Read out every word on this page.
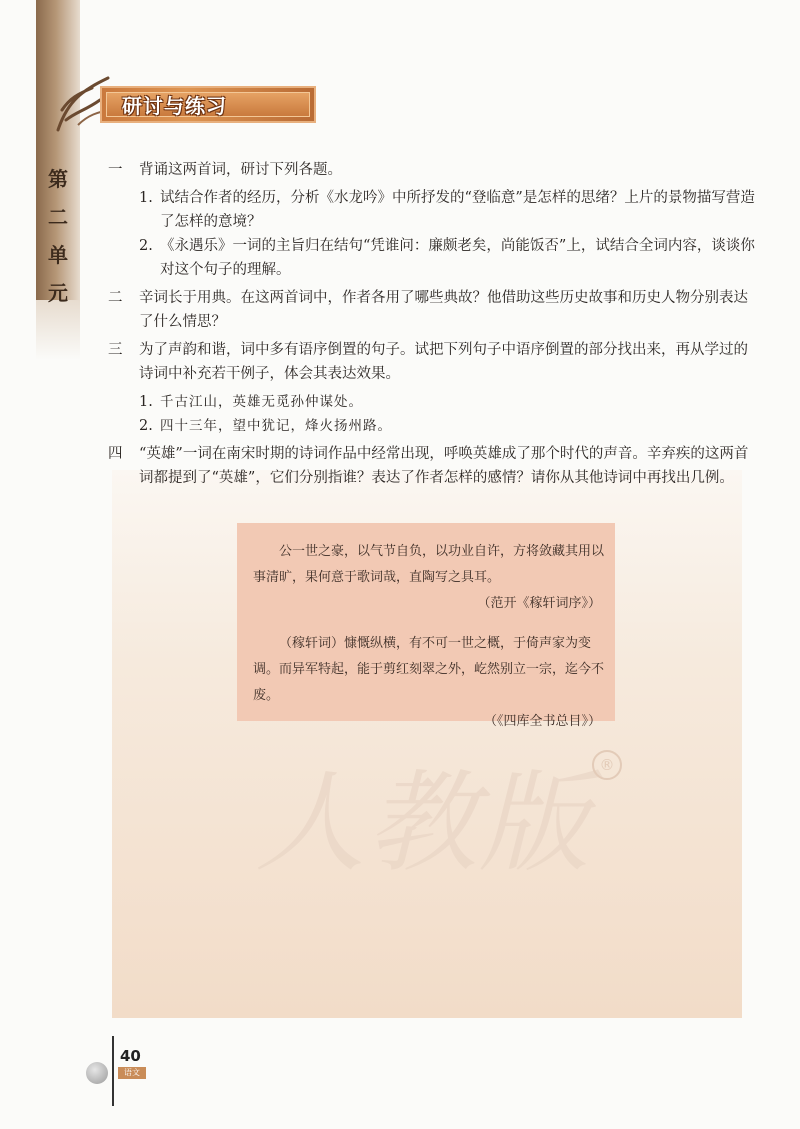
人教版 ®
第
二
单
元
研讨与练习
一 背诵这两首词，研讨下列各题。
1. 试结合作者的经历，分析《水龙吟》中所抒发的“登临意”是怎样的思绪？上片的景物描写营造了怎样的意境？
2. 《永遇乐》一词的主旨归在结句“凭谁问：廉颇老矣，尚能饭否”上，试结合全词内容，谈谈你对这个句子的理解。
二 辛词长于用典。在这两首词中，作者各用了哪些典故？他借助这些历史故事和历史人物分别表达了什么情思？
三 为了声韵和谐，词中多有语序倒置的句子。试把下列句子中语序倒置的部分找出来，再从学过的诗词中补充若干例子，体会其表达效果。
1. 千古江山，英雄无觅孙仲谋处。
2. 四十三年，望中犹记，烽火扬州路。
四 “英雄”一词在南宋时期的诗词作品中经常出现，呼唤英雄成了那个时代的声音。辛弃疾的这两首词都提到了“英雄”，它们分别指谁？表达了作者怎样的感情？请你从其他诗词中再找出几例。

公一世之豪，以气节自负，以功业自许，方将敛藏其用以事清旷，果何意于歌词哉，直陶写之具耳。

（范开《稼轩词序》）

（稼轩词）慷慨纵横，有不可一世之概，于倚声家为变调。而异军特起，能于剪红刻翠之外，屹然别立一宗，迄今不废。

（《四库全书总目》）

40
语文
